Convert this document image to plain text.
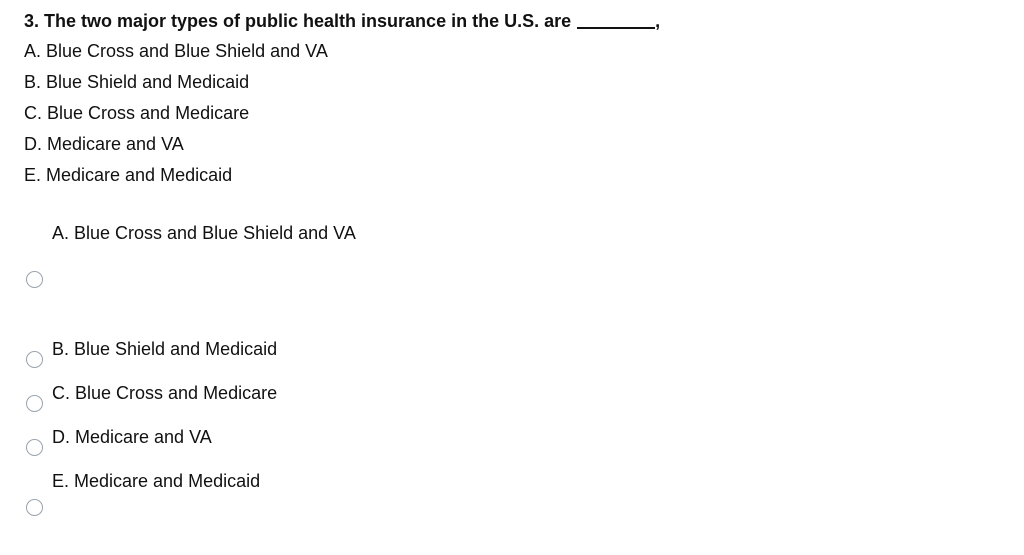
3. The two major types of public health insurance in the U.S. are	,
A. Blue Cross and Blue Shield and VA
B. Blue Shield and Medicaid
C. Blue Cross and Medicare
D. Medicare and VA
E. Medicare and Medicaid
A. Blue Cross and Blue Shield and VA
B. Blue Shield and Medicaid
C. Blue Cross and Medicare
D. Medicare and VA
E. Medicare and Medicaid
